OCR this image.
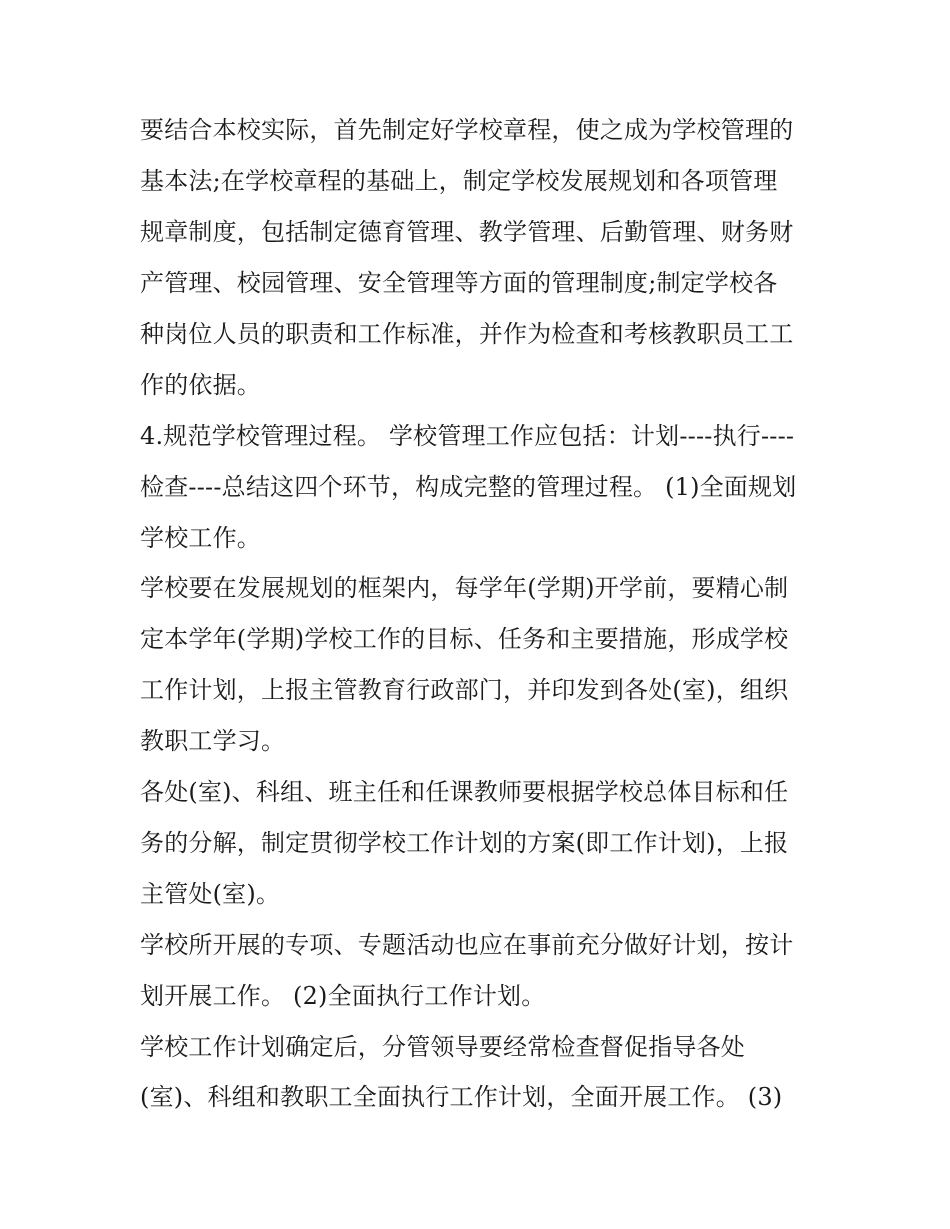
要结合本校实际，首先制定好学校章程，使之成为学校管理的
基本法;在学校章程的基础上，制定学校发展规划和各项管理
规章制度，包括制定德育管理、教学管理、后勤管理、财务财
产管理、校园管理、安全管理等方面的管理制度;制定学校各
种岗位人员的职责和工作标准，并作为检查和考核教职员工工
作的依据。
4.规范学校管理过程。 学校管理工作应包括：计划----执行----
检查----总结这四个环节，构成完整的管理过程。 (1)全面规划
学校工作。
学校要在发展规划的框架内，每学年(学期)开学前，要精心制
定本学年(学期)学校工作的目标、任务和主要措施，形成学校
工作计划，上报主管教育行政部门，并印发到各处(室)，组织
教职工学习。
各处(室)、科组、班主任和任课教师要根据学校总体目标和任
务的分解，制定贯彻学校工作计划的方案(即工作计划)，上报
主管处(室)。
学校所开展的专项、专题活动也应在事前充分做好计划，按计
划开展工作。 (2)全面执行工作计划。
学校工作计划确定后，分管领导要经常检查督促指导各处
(室)、科组和教职工全面执行工作计划，全面开展工作。 (3)
